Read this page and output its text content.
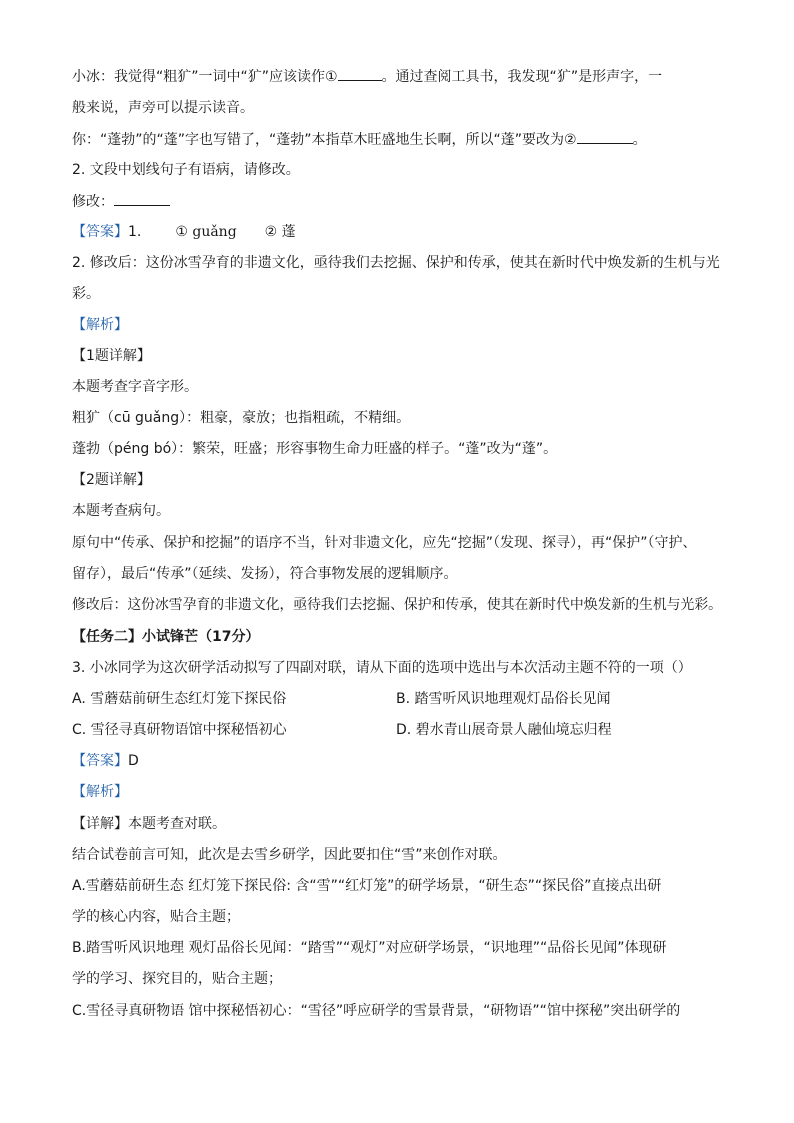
小冰：我觉得“粗犷”一词中“犷”应该读作①	。通过查阅工具书，我发现“犷”是形声字，一
般来说，声旁可以提示读音。
你：“蓬勃”的“蓬”字也写错了，“蓬勃”本指草木旺盛地生长啊，所以“蓬”要改为②	。
2. 文段中划线句子有语病，请修改。
修改：
【答案】1. ① guǎng ② 蓬
2. 修改后：这份冰雪孕育的非遗文化，亟待我们去挖掘、保护和传承，使其在新时代中焕发新的生机与光
彩。
【解析】
【1题详解】
本题考查字音字形。
粗犷（cū guǎng）：粗豪，豪放；也指粗疏，不精细。
蓬勃（péng bó）：繁荣，旺盛；形容事物生命力旺盛的样子。“蓬”改为“蓬”。
【2题详解】
本题考查病句。
原句中“传承、保护和挖掘”的语序不当，针对非遗文化，应先“挖掘”（发现、探寻），再“保护”（守护、
留存），最后“传承”（延续、发扬），符合事物发展的逻辑顺序。
修改后：这份冰雪孕育的非遗文化，亟待我们去挖掘、保护和传承，使其在新时代中焕发新的生机与光彩。
【任务二】小试锋芒（17分）
3. 小冰同学为这次研学活动拟写了四副对联，请从下面的选项中选出与本次活动主题不符的一项（）
A. 雪蘑菇前研生态红灯笼下探民俗	B. 踏雪听风识地理观灯品俗长见闻
C. 雪径寻真研物语馆中探秘悟初心	D. 碧水青山展奇景人融仙境忘归程
【答案】D
【解析】
【详解】本题考查对联。
结合试卷前言可知，此次是去雪乡研学，因此要扣住“雪”来创作对联。
A.雪蘑菇前研生态 红灯笼下探民俗: 含“雪”“红灯笼”的研学场景，“研生态”“探民俗”直接点出研
学的核心内容，贴合主题；
B.踏雪听风识地理 观灯品俗长见闻：“踏雪”“观灯”对应研学场景，“识地理”“品俗长见闻”体现研
学的学习、探究目的，贴合主题；
C.雪径寻真研物语 馆中探秘悟初心：“雪径”呼应研学的雪景背景，“研物语”“馆中探秘”突出研学的
